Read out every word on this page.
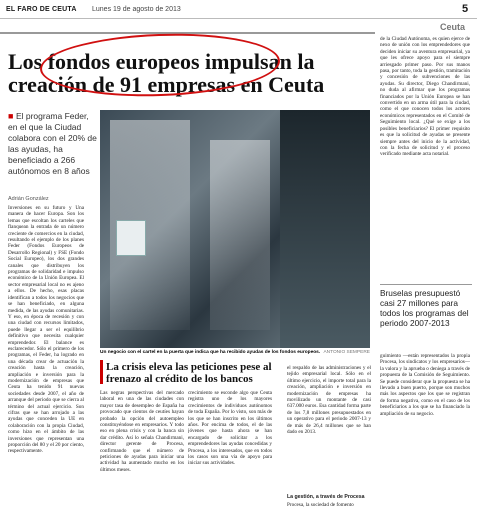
EL FARO DE CEUTA Lunes 19 de agosto de 2013	5
Ceuta
Los fondos europeos impulsan la
creación de 91 empresas en Ceuta
■ El programa Feder, en el que la Ciudad colabora con el 20% de las ayudas, ha beneficiado a 266 autónomos en 8 años
Adrián González
Inversiones en su futuro y Una manera de hacer Europa. Son los lemas que escoltan los carteles que flanquean la entrada de un número creciente de comercios en la ciudad, resultando el ejemplo de los planes Feder (Fondos Europeos de Desarrollo Regional) y FSE (Fondo Social Europeo), los dos grandes canales que distribuyen los programas de solidaridad e impulso económico de la Unión Europea. El sector empresarial local no es ajeno a ellos. De hecho, esas placas identifican a todos los negocios que se han beneficiado, en alguna medida, de las ayudas comunitarias. Y eso, en época de recesión y con una ciudad con recursos limitados, puede llegar a ser el equilibrio definitivo que necesita cualquier emprendedor. El balance es esclarecedor. Sólo el primero de los programas, el Feder, ha logrado en una década crear de actuación la creación hasta la creación, ampliación e inversión para la modernización de empresas que Ceuta ha tenido 91 nuevas sociedades desde 2007, el año de arranque del periodo que se cierra al término del actual ejercicio. Son cifras que se han arrojado a las ayudas que conceden la UE en colaboración con la propia Ciudad, como hizo en el ámbito de las inversiones que representan una proporción del 80 y el 20 por ciento, respectivamente.
Un negocio con el cartel en la puerta que indica que ha recibido ayudas de los fondos europeos. ANTONIO SEMPERE
La crisis eleva las peticiones pese al frenazo al crédito de los bancos
Las negras perspectivas del mercado laboral en una de las ciudades con mayor tasa de desempleo de España ha provocado que cientos de ceutíes hayan probado la opción del autoempleo constituyéndose en empresarios. Y todo eso en plena crisis y con la banca sin dar crédito. Así lo señala Chandirmani, director gerente de Procesa, confirmando que el número de peticiones de ayudas para iniciar una actividad ha aumentado mucho en los últimos meses.
crecimiento se esconde algo que Ceuta registra uno de los mayores crecimientos de individuos autónomos de toda España. Por lo visto, son más de los que se han inscrito en los últimos años. Por encima de todos, el de las jóvenes que hasta ahora se han encargado de solicitar a los emprendedores las ayudas concedidas y Procesa, a los interesados, que en todos los casos son una vía de apoyo para iniciar sus actividades.
el respaldo de las administraciones y el tejido empresarial local. Sólo en el último ejercicio, el importe total para la creación, ampliación e inversión en modernización de empresas ha movilizado un montante de casi 637.000 euros. Esa cantidad forma parte de los 7,8 millones presupuestados en un operativo para el periodo 2007-13 y de más de 26,4 millones que se han dado en 2013.
La gestión, a través de Procesa
Procesa, la sociedad de fomento
de la Ciudad Autónoma, es quien ejerce de nexo de unión con los emprendedores que deciden iniciar su aventura empresarial, ya que les ofrece apoyo para el siempre arriesgado primer paso. Por sus manos pasa, por tanto, toda la gestión, tramitación y concesión de subvenciones de las ayudas. Su director, Diego Chandirmani, no duda al afirmar que los programas financiados por la Unión Europea se han convertido en un arma útil para la ciudad, como el que conocen todos los actores económicos representados en el Comité de Seguimiento local. ¿Qué se exige a los posibles beneficiarios? El primer requisito es que la solicitud de ayudas se presente siempre antes del inicio de la actividad, con la fecha de solicitud y el proceso verificado mediante acta notarial.
Bruselas presupuestó casi 27 millones para todos los programas del periodo 2007-2013
guimiento —están representados la propia Procesa, los sindicatos y los empresarios— la valora y la aprueba o deniega a través de propuesta de la Comisión de Seguimiento. Se puede considerar que la propuesta se ha llevado a buen puerto, porque son muchos más los aspectos que los que se registran de forma negativa, como en el caso de los beneficiarios a los que se ha financiado la ampliación de su negocio.
